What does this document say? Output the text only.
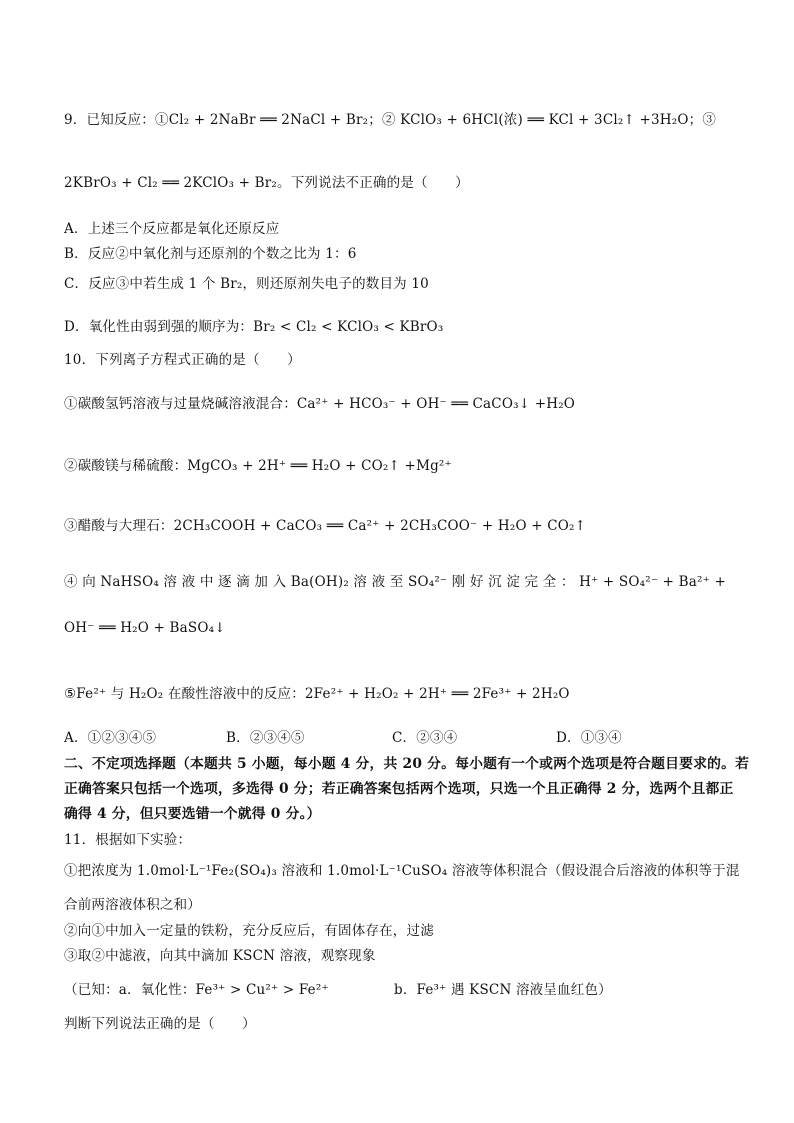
9．已知反应：①Cl₂ + 2NaBr ══ 2NaCl + Br₂；② KClO₃ + 6HCl(浓) ══ KCl + 3Cl₂↑ +3H₂O；③
2KBrO₃ + Cl₂ ══ 2KClO₃ + Br₂。下列说法不正确的是（　　）
A．上述三个反应都是氧化还原反应
B．反应②中氧化剂与还原剂的个数之比为 1：6
C．反应③中若生成 1 个 Br₂，则还原剂失电子的数目为 10
D．氧化性由弱到强的顺序为：Br₂ < Cl₂ < KClO₃ < KBrO₃
10．下列离子方程式正确的是（　　）
①碳酸氢钙溶液与过量烧碱溶液混合：Ca²⁺ + HCO₃⁻ + OH⁻ ══ CaCO₃↓ +H₂O
②碳酸镁与稀硫酸：MgCO₃ + 2H⁺ ══ H₂O + CO₂↑ +Mg²⁺
③醋酸与大理石：2CH₃COOH + CaCO₃ ══ Ca²⁺ + 2CH₃COO⁻ + H₂O + CO₂↑
④ 向 NaHSO₄ 溶 液 中 逐 滴 加 入 Ba(OH)₂ 溶 液 至 SO₄²⁻ 刚 好 沉 淀 完 全 ： H⁺ + SO₄²⁻ + Ba²⁺ +
OH⁻ ══ H₂O + BaSO₄↓
⑤Fe²⁺ 与 H₂O₂ 在酸性溶液中的反应：2Fe²⁺ + H₂O₂ + 2H⁺ ══ 2Fe³⁺ + 2H₂O
A．①②③④⑤	B．②③④⑤	C．②③④	D．①③④
二、不定项选择题（本题共 5 小题，每小题 4 分，共 20 分。每小题有一个或两个选项是符合题目要求的。若
正确答案只包括一个选项，多选得 0 分；若正确答案包括两个选项，只选一个且正确得 2 分，选两个且都正
确得 4 分，但只要选错一个就得 0 分。）
11．根据如下实验：
①把浓度为 1.0mol·L⁻¹Fe₂(SO₄)₃ 溶液和 1.0mol·L⁻¹CuSO₄ 溶液等体积混合（假设混合后溶液的体积等于混
合前两溶液体积之和）
②向①中加入一定量的铁粉，充分反应后，有固体存在，过滤
③取②中滤液，向其中滴加 KSCN 溶液，观察现象
（已知：a．氧化性：Fe³⁺ > Cu²⁺ > Fe²⁺	b．Fe³⁺ 遇 KSCN 溶液呈血红色）
判断下列说法正确的是（　　）
